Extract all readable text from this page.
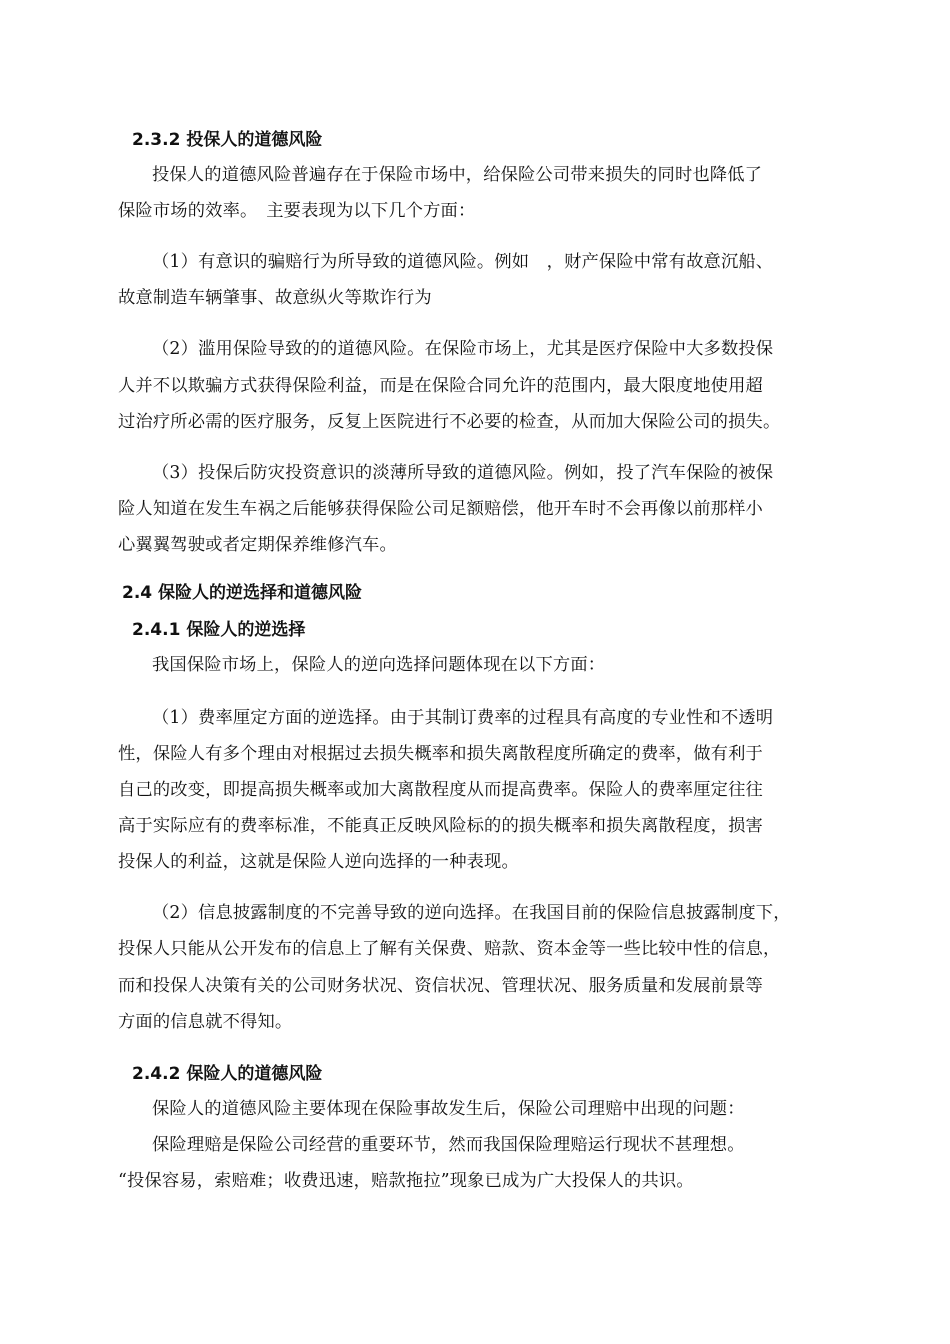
2.3.2 投保人的道德风险
投保人的道德风险普遍存在于保险市场中，给保险公司带来损失的同时也降低了
保险市场的效率。　主要表现为以下几个方面：
（1）有意识的骗赔行为所导致的道德风险。例如　，财产保险中常有故意沉船、
故意制造车辆肇事、故意纵火等欺诈行为
（2）滥用保险导致的的道德风险。在保险市场上，尤其是医疗保险中大多数投保
人并不以欺骗方式获得保险利益，而是在保险合同允许的范围内，最大限度地使用超
过治疗所必需的医疗服务，反复上医院进行不必要的检查，从而加大保险公司的损失。
（3）投保后防灾投资意识的淡薄所导致的道德风险。例如，投了汽车保险的被保
险人知道在发生车祸之后能够获得保险公司足额赔偿，他开车时不会再像以前那样小
心翼翼驾驶或者定期保养维修汽车。
2.4 保险人的逆选择和道德风险
2.4.1 保险人的逆选择
我国保险市场上，保险人的逆向选择问题体现在以下方面：
（1）费率厘定方面的逆选择。由于其制订费率的过程具有高度的专业性和不透明
性，保险人有多个理由对根据过去损失概率和损失离散程度所确定的费率，做有利于
自己的改变，即提高损失概率或加大离散程度从而提高费率。保险人的费率厘定往往
高于实际应有的费率标准，不能真正反映风险标的的损失概率和损失离散程度，损害
投保人的利益，这就是保险人逆向选择的一种表现。
（2）信息披露制度的不完善导致的逆向选择。在我国目前的保险信息披露制度下，
投保人只能从公开发布的信息上了解有关保费、赔款、资本金等一些比较中性的信息，
而和投保人决策有关的公司财务状况、资信状况、管理状况、服务质量和发展前景等
方面的信息就不得知。
2.4.2 保险人的道德风险
保险人的道德风险主要体现在保险事故发生后，保险公司理赔中出现的问题：
保险理赔是保险公司经营的重要环节，然而我国保险理赔运行现状不甚理想。
“投保容易，索赔难；收费迅速，赔款拖拉”现象已成为广大投保人的共识。
